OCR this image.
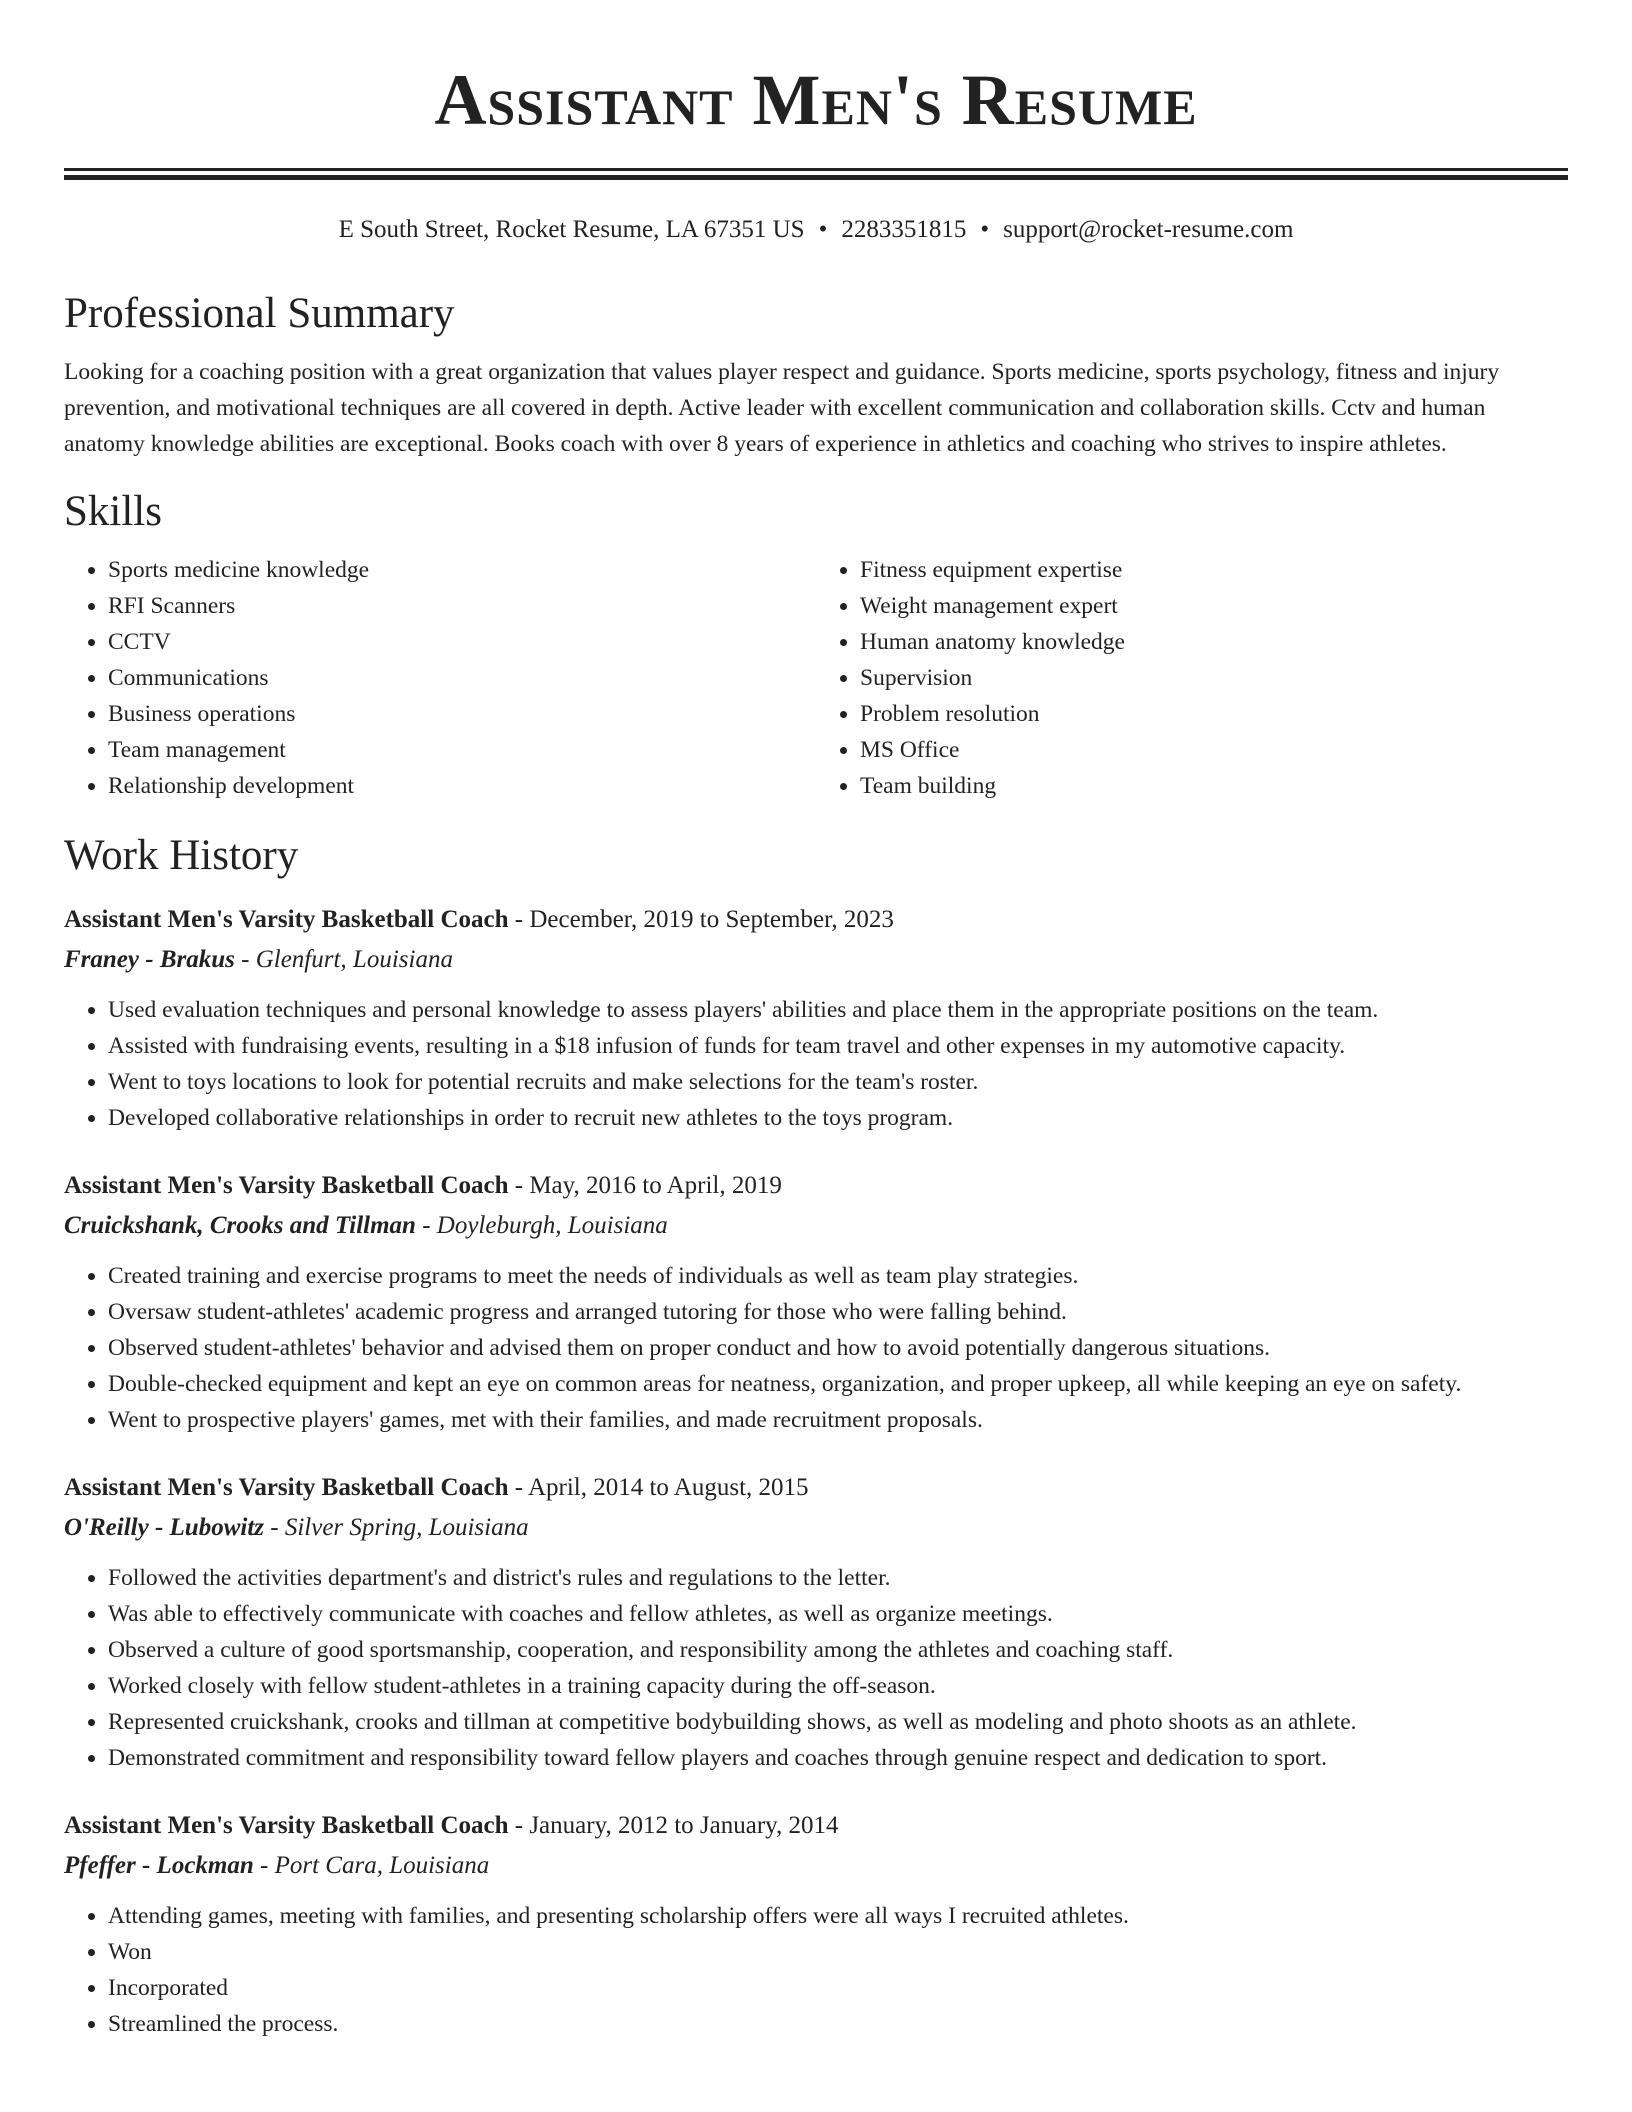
Assistant Men's Resume
E South Street, Rocket Resume, LA 67351 US • 2283351815 • support@rocket-resume.com
Professional Summary
Looking for a coaching position with a great organization that values player respect and guidance. Sports medicine, sports psychology, fitness and injury prevention, and motivational techniques are all covered in depth. Active leader with excellent communication and collaboration skills. Cctv and human anatomy knowledge abilities are exceptional. Books coach with over 8 years of experience in athletics and coaching who strives to inspire athletes.
Skills
• Sports medicine knowledge
• RFI Scanners
• CCTV
• Communications
• Business operations
• Team management
• Relationship development
• Fitness equipment expertise
• Weight management expert
• Human anatomy knowledge
• Supervision
• Problem resolution
• MS Office
• Team building
Work History
Assistant Men's Varsity Basketball Coach - December, 2019 to September, 2023
Franey - Brakus - Glenfurt, Louisiana
• Used evaluation techniques and personal knowledge to assess players' abilities and place them in the appropriate positions on the team.
• Assisted with fundraising events, resulting in a $18 infusion of funds for team travel and other expenses in my automotive capacity.
• Went to toys locations to look for potential recruits and make selections for the team's roster.
• Developed collaborative relationships in order to recruit new athletes to the toys program.
Assistant Men's Varsity Basketball Coach - May, 2016 to April, 2019
Cruickshank, Crooks and Tillman - Doyleburgh, Louisiana
• Created training and exercise programs to meet the needs of individuals as well as team play strategies.
• Oversaw student-athletes' academic progress and arranged tutoring for those who were falling behind.
• Observed student-athletes' behavior and advised them on proper conduct and how to avoid potentially dangerous situations.
• Double-checked equipment and kept an eye on common areas for neatness, organization, and proper upkeep, all while keeping an eye on safety.
• Went to prospective players' games, met with their families, and made recruitment proposals.
Assistant Men's Varsity Basketball Coach - April, 2014 to August, 2015
O'Reilly - Lubowitz - Silver Spring, Louisiana
• Followed the activities department's and district's rules and regulations to the letter.
• Was able to effectively communicate with coaches and fellow athletes, as well as organize meetings.
• Observed a culture of good sportsmanship, cooperation, and responsibility among the athletes and coaching staff.
• Worked closely with fellow student-athletes in a training capacity during the off-season.
• Represented cruickshank, crooks and tillman at competitive bodybuilding shows, as well as modeling and photo shoots as an athlete.
• Demonstrated commitment and responsibility toward fellow players and coaches through genuine respect and dedication to sport.
Assistant Men's Varsity Basketball Coach - January, 2012 to January, 2014
Pfeffer - Lockman - Port Cara, Louisiana
• Attending games, meeting with families, and presenting scholarship offers were all ways I recruited athletes.
• Won
• Incorporated
• Streamlined the process.
